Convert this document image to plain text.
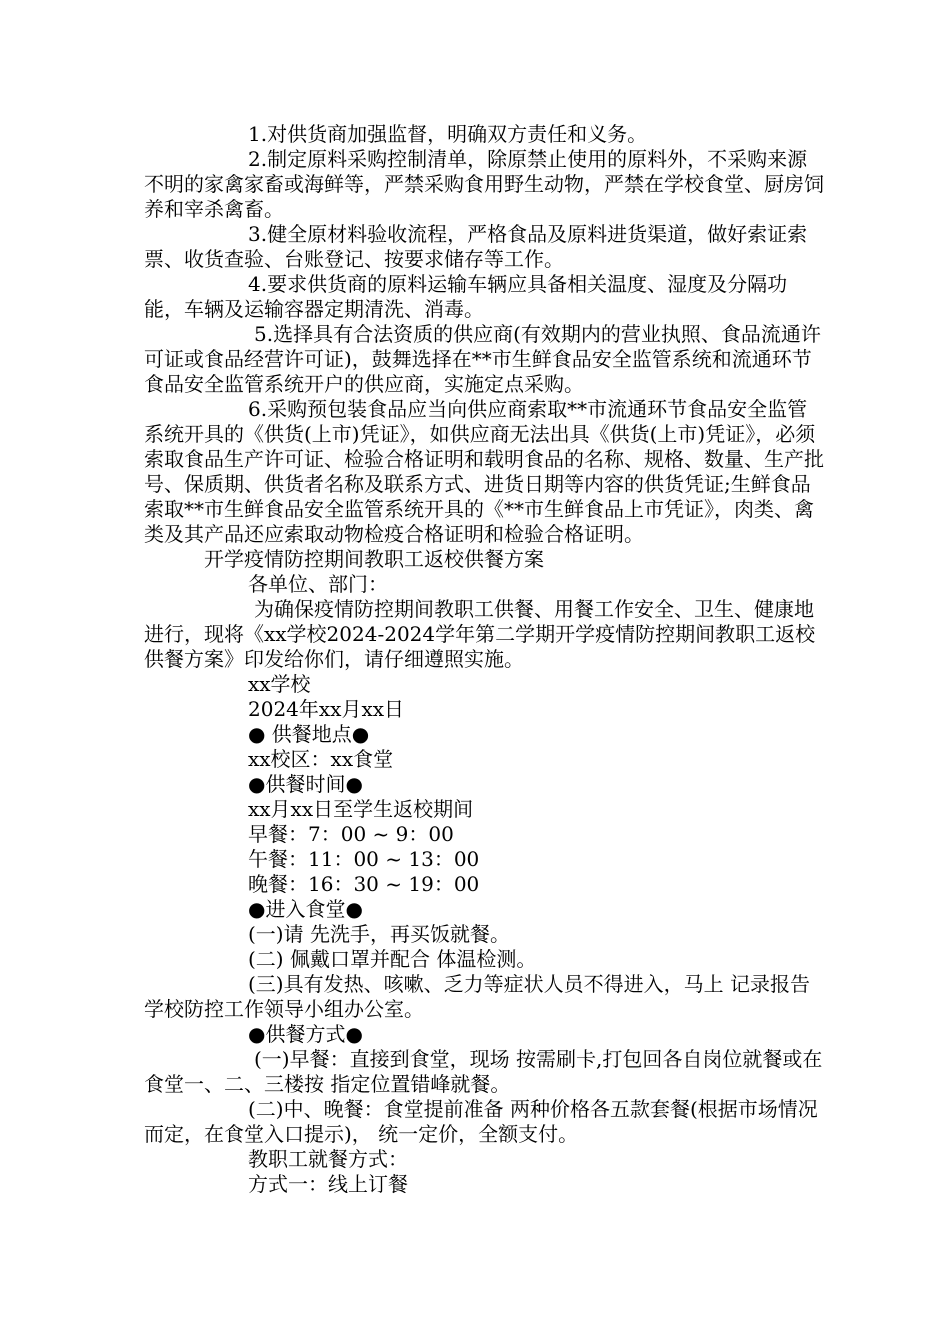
1.对供货商加强监督，明确双方责任和义务。

2.制定原料采购控制清单，除原禁止使用的原料外，不采购来源不明的家禽家畜或海鲜等，严禁采购食用野生动物，严禁在学校食堂、厨房饲养和宰杀禽畜。

3.健全原材料验收流程，严格食品及原料进货渠道，做好索证索票、收货查验、台账登记、按要求储存等工作。

4.要求供货商的原料运输车辆应具备相关温度、湿度及分隔功能，车辆及运输容器定期清洗、消毒。

5.选择具有合法资质的供应商(有效期内的营业执照、食品流通许可证或食品经营许可证)，鼓舞选择在**市生鲜食品安全监管系统和流通环节食品安全监管系统开户的供应商，实施定点采购。

6.采购预包装食品应当向供应商索取**市流通环节食品安全监管系统开具的《供货(上市)凭证》，如供应商无法出具《供货(上市)凭证》，必须索取食品生产许可证、检验合格证明和载明食品的名称、规格、数量、生产批号、保质期、供货者名称及联系方式、进货日期等内容的供货凭证;生鲜食品索取**市生鲜食品安全监管系统开具的《**市生鲜食品上市凭证》，肉类、禽类及其产品还应索取动物检疫合格证明和检验合格证明。

开学疫情防控期间教职工返校供餐方案

各单位、部门：

为确保疫情防控期间教职工供餐、用餐工作安全、卫生、健康地进行，现将《xx学校2024-2024学年第二学期开学疫情防控期间教职工返校供餐方案》印发给你们，请仔细遵照实施。

xx学校

2024年xx月xx日

● 供餐地点●

xx校区：xx食堂

●供餐时间●

xx月xx日至学生返校期间

早餐：7：00 ~ 9：00

午餐：11：00 ~ 13：00

晚餐：16：30 ~ 19：00

●进入食堂●

(一)请 先洗手，再买饭就餐。

(二) 佩戴口罩并配合 体温检测。

(三)具有发热、咳嗽、乏力等症状人员不得进入，马上 记录报告学校防控工作领导小组办公室。

●供餐方式●

(一)早餐：直接到食堂，现场 按需刷卡,打包回各自岗位就餐或在食堂一、二、三楼按 指定位置错峰就餐。

(二)中、晚餐：食堂提前准备 两种价格各五款套餐(根据市场情况而定，在食堂入口提示)， 统一定价，全额支付。

教职工就餐方式：

方式一：线上订餐
